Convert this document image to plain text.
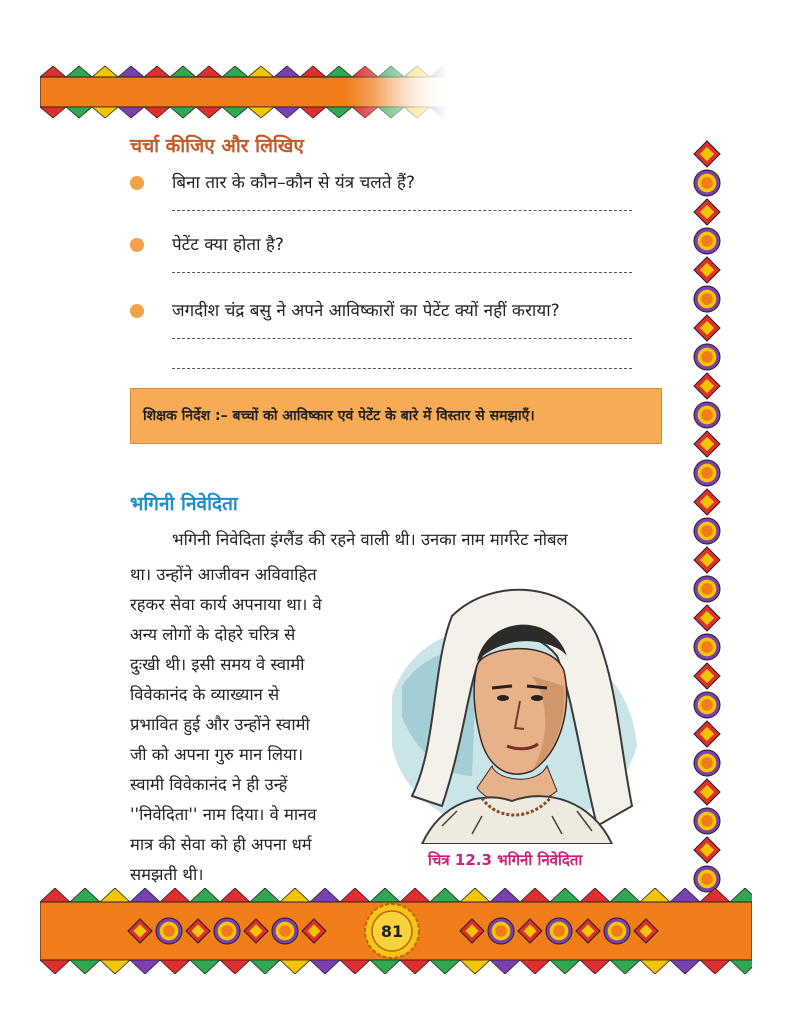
चर्चा कीजिए और लिखिए
बिना तार के कौन–कौन से यंत्र चलते हैं?
पेटेंट क्या होता है?
जगदीश चंद्र बसु ने अपने आविष्कारों का पेटेंट क्यों नहीं कराया?
शिक्षक निर्देश :– बच्चों को आविष्कार एवं पेटेंट के बारे में विस्तार से समझाएँ।
भगिनी निवेदिता
भगिनी निवेदिता इंग्लैंड की रहने वाली थी। उनका नाम मार्गरेट नोबल
था। उन्होंने आजीवन अविवाहित
रहकर सेवा कार्य अपनाया था। वे
अन्य लोगों के दोहरे चरित्र से
दुःखी थी। इसी समय वे स्वामी
विवेकानंद के व्याख्यान से
प्रभावित हुई और उन्होंने स्वामी
जी को अपना गुरु मान लिया।
स्वामी विवेकानंद ने ही उन्हें
''निवेदिता'' नाम दिया। वे मानव
मात्र की सेवा को ही अपना धर्म
समझती थी।
चित्र 12.3 भगिनी निवेदिता
81
